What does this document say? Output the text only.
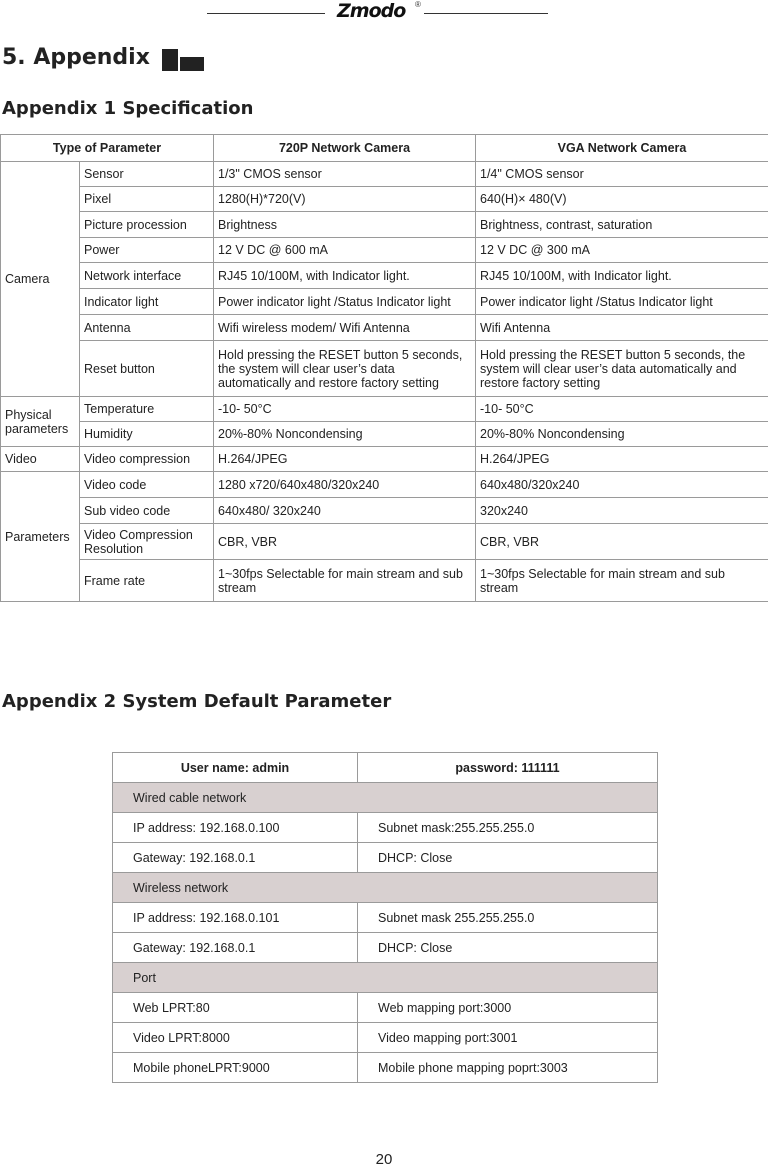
Zmodo	®
5. Appendix
Appendix 1 Specification
Type of Parameter		720P Network Camera	VGA Network Camera
Camera	Sensor	1/3" CMOS sensor	1/4" CMOS sensor
	Pixel	1280(H)*720(V)	640(H)× 480(V)
	Picture procession	Brightness	Brightness, contrast, saturation
	Power	12 V DC @ 600 mA	12 V DC @ 300 mA
	Network interface	RJ45 10/100M, with Indicator light.	RJ45 10/100M, with Indicator light.
	Indicator light	Power indicator light /Status Indicator light	Power indicator light /Status Indicator light
	Antenna	Wifi wireless modem/ Wifi Antenna	Wifi Antenna
	Reset button	Hold pressing the RESET button 5 seconds, the system will clear user’s data automatically and restore factory setting	Hold pressing the RESET button 5 seconds, the system will clear user’s data automatically and restore factory setting
Physical parameters	Temperature	-10- 50°C	-10- 50°C
	Humidity	20%-80% Noncondensing	20%-80% Noncondensing
Video	Video compression	H.264/JPEG	H.264/JPEG
Parameters	Video code	1280 x720/640x480/320x240	640x480/320x240
	Sub video code	640x480/ 320x240	320x240
	Video Compression Resolution	CBR, VBR	CBR, VBR
	Frame rate	1~30fps Selectable for main stream and sub stream	1~30fps Selectable for main stream and sub stream
Appendix 2 System Default Parameter
User name: admin	password: 111111
Wired cable network	
IP address: 192.168.0.100	Subnet mask:255.255.255.0
Gateway: 192.168.0.1	DHCP: Close
Wireless network	
IP address: 192.168.0.101	Subnet mask 255.255.255.0
Gateway: 192.168.0.1	DHCP: Close
Port	
Web LPRT:80	Web mapping port:3000
Video LPRT:8000	Video mapping port:3001
Mobile phoneLPRT:9000	Mobile phone mapping poprt:3003
20
